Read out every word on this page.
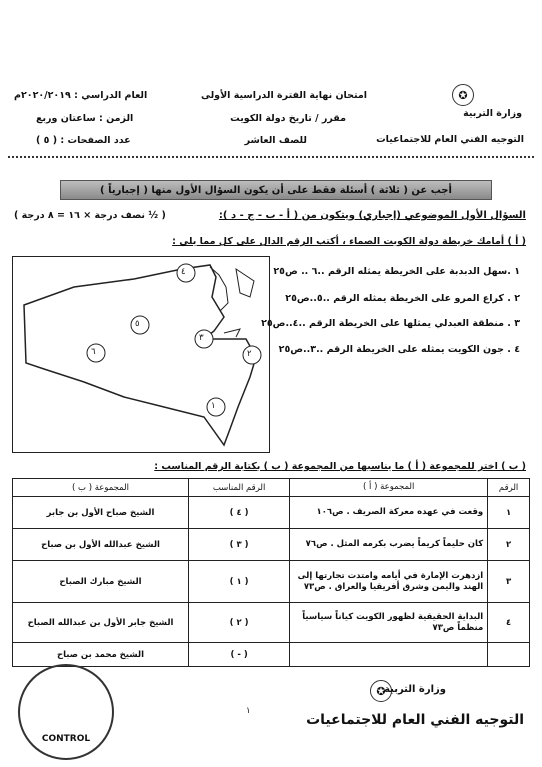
✪
وزارة التربية
التوجيه الفني العام للاجتماعيات
امتحان نهاية الفترة الدراسية الأولى
مقرر / تاريخ دولة الكويت
للصف العاشر
العام الدراسي : ٢٠٢٠/٢٠١٩م
الزمن : ساعتان وربع
عدد الصفحات : ( ٥ )
أجب عن ( ثلاثة ) أسئلة فقط على أن يكون السؤال الأول منها ( إجبارياً )
السؤال الأول الموضوعي (إجباري) ويتكون من ( أ - ب - ج - د ):
( ½ نصف درجة × ١٦ = ٨ درجة )
( أ ) أمامك خريطة دولة الكويت الصماء ، أكتب الرقم الدال على كل مما يلي :
٤
٥
٣
٦	٢
١
١ .سهل الدبدبة على الخريطة يمثله الرقم ..٦ .. ص٢٥
٢ . كراع المرو على الخريطة يمثله الرقم ..٥..ص٢٥
٣ . منطقة العبدلي يمثلها على الخريطة الرقم ..٤..ص٢٥
٤ . جون الكويت يمثله على الخريطة الرقم ..٣..ص٢٥
( ب ) اختر للمجموعة ( أ ) ما يناسبها من المجموعة ( ب ) بكتابة الرقم المناسب :
الرقم	المجموعة ( أ )	الرقم المناسب	المجموعة ( ب )
١	وقعت في عهده معركة الصريف . ص١٠٦	( ٤ )	الشيخ صباح الأول بن جابر
٢	كان حليماً كريماً يضرب بكرمه المثل . ص٧٦	( ٣ )	الشيخ عبدالله الأول بن صباح
٣	ازدهرت الإمارة في أيامه وامتدت تجارتها إلى الهند واليمن وشرق أفريقيا والعراق . ص٧٣	( ١ )	الشيخ مبارك الصباح
٤	البداية الحقيقية لظهور الكويت كياناً سياسياً منظماً ص٧٣	( ٢ )	الشيخ جابر الأول بن عبدالله الصباح
		( - )	الشيخ محمد بن صباح
١
CONTROL
✪
وزارة التربية
التوجيه الفني العام للاجتماعيات
